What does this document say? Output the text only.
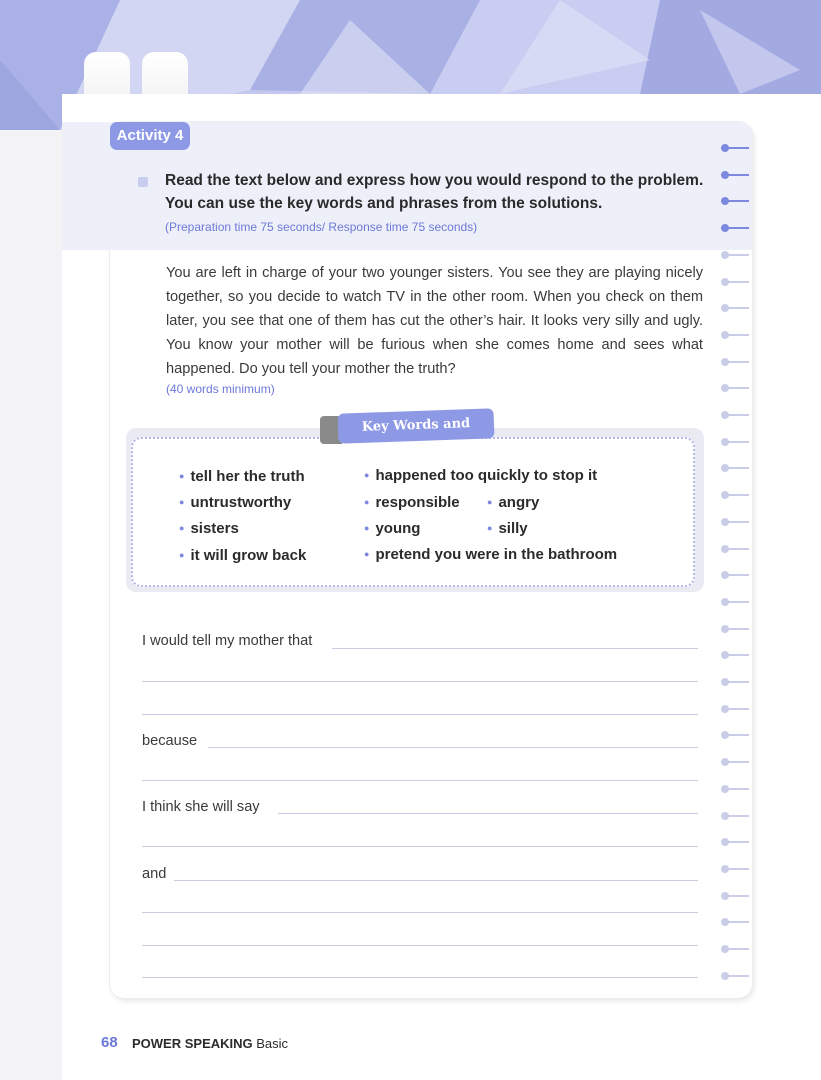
Activity 4

Read the text below and express how you would respond to the problem. You can use the key words and phrases from the solutions.

(Preparation time 75 seconds/ Response time 75 seconds)

You are left in charge of your two younger sisters. You see they are playing nicely together, so you decide to watch TV in the other room. When you check on them later, you see that one of them has cut the other’s hair. It looks very silly and ugly. You know your mother will be furious when she comes home and sees what happened. Do you tell your mother the truth?

(40 words minimum)
Key Words and Phrases
● tell her the truth
● untrustworthy
● sisters
● it will grow back
● happened too quickly to stop it
● responsible	● angry
● young	● silly
● pretend you were in the bathroom
I would tell my mother that
because
I think she will say
and
68 POWER SPEAKING Basic
